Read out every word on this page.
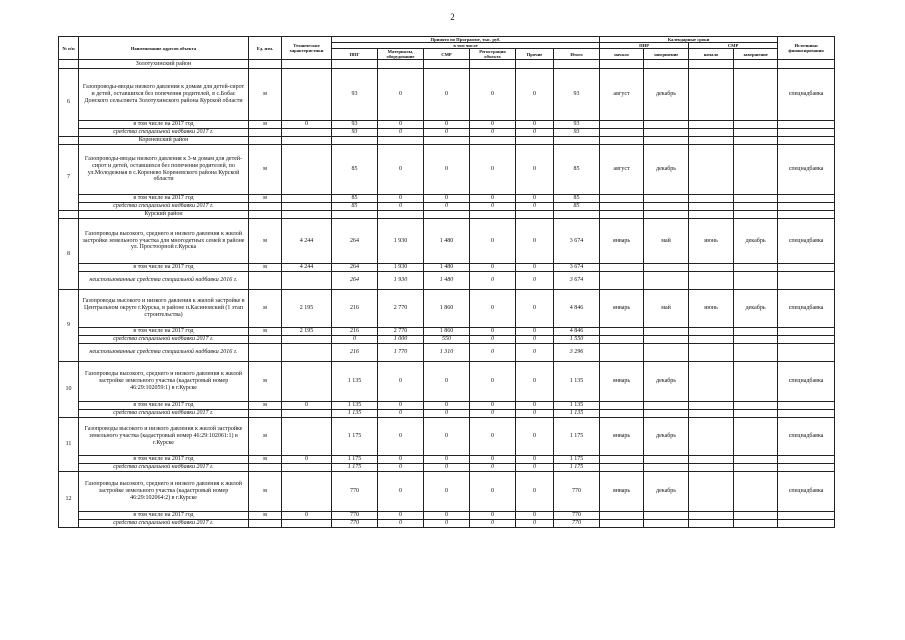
2
№ п/п	Наименование адресов объекта	Ед. изм.	Технические характеристики	Принято по Программе, тыс. руб.						Календарные сроки				Источники финансирования
				в том числе						ПИР		СМР		
				ППГ	Материалы, оборудование	СМР	Регистрация объекта	Прочие	Итого	начало	завершение	начало	завершение	

	Золотухинский район													
6	Газопроводы-вводы низкого давления к домам для детей-сирот и детей, оставшихся без попечения родителей, в с.Бобас Донского сельсовета Золотухинского района Курской области	м		93	0	0	0	0	93	август	декабрь			спецнадбавка
	в том числе на 2017 год	м	0	93	0	0	0	0	93					
	средства специальной надбавки 2017 г.			93	0	0	0	0	93					
	Кореневский район													
7	Газопроводы-вводы низкого давления к 3-м домам для детей-сирот и детей, оставшихся без попечения родителей, по ул.Молодежная в с.Коренево Кореневского района Курской области	м		85	0	0	0	0	85	август	декабрь			спецнадбавка
	в том числе на 2017 год	м		85	0	0	0	0	85					
	средства специальной надбавки 2017 г.			85	0	0	0	0	85					
	Курский район													
8	Газопроводы высокого, среднего и низкого давления к жилой застройке земельного участка для многодетных семей в районе ул. Простоорной г.Курска	м	4 244	264	1 930	1 480	0	0	3 674	январь	май	июнь	декабрь	спецнадбавка
	в том числе на 2017 год	м	4 244	264	1 930	1 480	0	0	3 674					
	неиспользованные средства специальной надбавки 2016 г.			264	1 930	1 480	0	0	3 674					
9	Газопроводы высокого и низкого давления к жилой застройке в Центральном округе г.Курска, в районе п.Касиновский (1 этап строительства)	м	2 195	216	2 770	1 860	0	0	4 846	январь	май	июнь	декабрь	спецнадбавка
	в том числе на 2017 год	м	2 195	216	2 770	1 860	0	0	4 846					
	средства специальной надбавки 2017 г.			0	1 000	550	0	0	1 550					
	неиспользованные средства специальной надбавки 2016 г.			216	1 770	1 310	0	0	3 296					
10	Газопроводы высокого, среднего и низкого давления к жилой застройке земельного участка (кадастровый номер 46:29:102059:1) в г.Курске	м		1 135	0	0	0	0	1 135	январь	декабрь			спецнадбавка
	в том числе на 2017 год	м	0	1 135	0	0	0	0	1 135					
	средства специальной надбавки 2017 г.			1 135	0	0	0	0	1 135					
11	Газопроводы высокого и низкого давления к жилой застройке земельного участка (кадастровый номер 46:29:102061:1) в г.Курске	м		1 175	0	0	0	0	1 175	январь	декабрь			спецнадбавка
	в том числе на 2017 год	м	0	1 175	0	0	0	0	1 175					
	средства специальной надбавки 2017 г.			1 175	0	0	0	0	1 175					
12	Газопроводы высокого, среднего и низкого давления к жилой застройке земельного участка (кадастровый номер 46:29:102064:2) в г.Курске	м		770	0	0	0	0	770	январь	декабрь			спецнадбавка
	в том числе на 2017 год	м	0	770	0	0	0	0	770					
	средства специальной надбавки 2017 г.			770	0	0	0	0	770					
